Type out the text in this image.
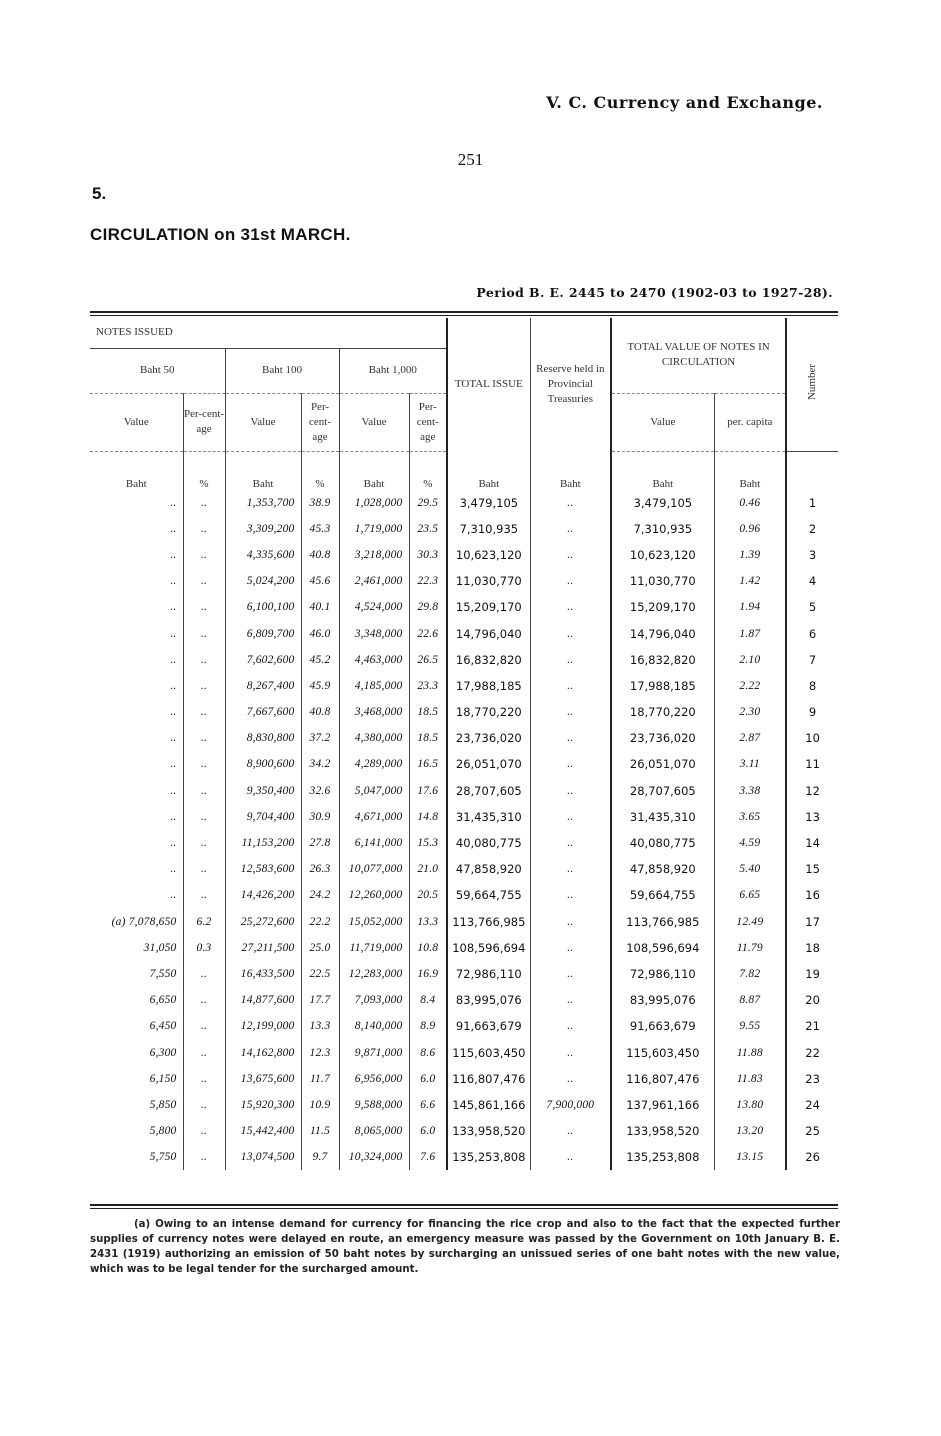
V. C. Currency and Exchange.
251
5.
CIRCULATION on 31st MARCH.
Period B. E. 2445 to 2470 (1902-03 to 1927-28).
NOTES ISSUED						TOTAL ISSUE	Reserve held in Provincial Treasuries	TOTAL VALUE OF NOTES IN CIRCULATION		Number
Baht 50		Baht 100		Baht 1,000						
Value	Per-cent-age	Value	Per-cent-age	Value	Per-cent-age			Value	per. capita	
Baht	%	Baht	%	Baht	%	Baht	Baht	Baht	Baht	
..	..	1,353,700	38.9	1,028,000	29.5	3,479,105	..	3,479,105	0.46	1
..	..	3,309,200	45.3	1,719,000	23.5	7,310,935	..	7,310,935	0.96	2
..	..	4,335,600	40.8	3,218,000	30.3	10,623,120	..	10,623,120	1.39	3
..	..	5,024,200	45.6	2,461,000	22.3	11,030,770	..	11,030,770	1.42	4
..	..	6,100,100	40.1	4,524,000	29.8	15,209,170	..	15,209,170	1.94	5
..	..	6,809,700	46.0	3,348,000	22.6	14,796,040	..	14,796,040	1.87	6
..	..	7,602,600	45.2	4,463,000	26.5	16,832,820	..	16,832,820	2.10	7
..	..	8,267,400	45.9	4,185,000	23.3	17,988,185	..	17,988,185	2.22	8
..	..	7,667,600	40.8	3,468,000	18.5	18,770,220	..	18,770,220	2.30	9
..	..	8,830,800	37.2	4,380,000	18.5	23,736,020	..	23,736,020	2.87	10
..	..	8,900,600	34.2	4,289,000	16.5	26,051,070	..	26,051,070	3.11	11
..	..	9,350,400	32.6	5,047,000	17.6	28,707,605	..	28,707,605	3.38	12
..	..	9,704,400	30.9	4,671,000	14.8	31,435,310	..	31,435,310	3.65	13
..	..	11,153,200	27.8	6,141,000	15.3	40,080,775	..	40,080,775	4.59	14
..	..	12,583,600	26.3	10,077,000	21.0	47,858,920	..	47,858,920	5.40	15
..	..	14,426,200	24.2	12,260,000	20.5	59,664,755	..	59,664,755	6.65	16
(a) 7,078,650	6.2	25,272,600	22.2	15,052,000	13.3	113,766,985	..	113,766,985	12.49	17
31,050	0.3	27,211,500	25.0	11,719,000	10.8	108,596,694	..	108,596,694	11.79	18
7,550	..	16,433,500	22.5	12,283,000	16.9	72,986,110	..	72,986,110	7.82	19
6,650	..	14,877,600	17.7	7,093,000	8.4	83,995,076	..	83,995,076	8.87	20
6,450	..	12,199,000	13.3	8,140,000	8.9	91,663,679	..	91,663,679	9.55	21
6,300	..	14,162,800	12.3	9,871,000	8.6	115,603,450	..	115,603,450	11.88	22
6,150	..	13,675,600	11.7	6,956,000	6.0	116,807,476	..	116,807,476	11.83	23
5,850	..	15,920,300	10.9	9,588,000	6.6	145,861,166	7,900,000	137,961,166	13.80	24
5,800	..	15,442,400	11.5	8,065,000	6.0	133,958,520	..	133,958,520	13.20	25
5,750	..	13,074,500	9.7	10,324,000	7.6	135,253,808	..	135,253,808	13.15	26
(a) Owing to an intense demand for currency for financing the rice crop and also to the fact that the expected further supplies of currency notes were delayed en route, an emergency measure was passed by the Government on 10th January B. E. 2431 (1919) authorizing an emission of 50 baht notes by surcharging an unissued series of one baht notes with the new value, which was to be legal tender for the surcharged amount.
